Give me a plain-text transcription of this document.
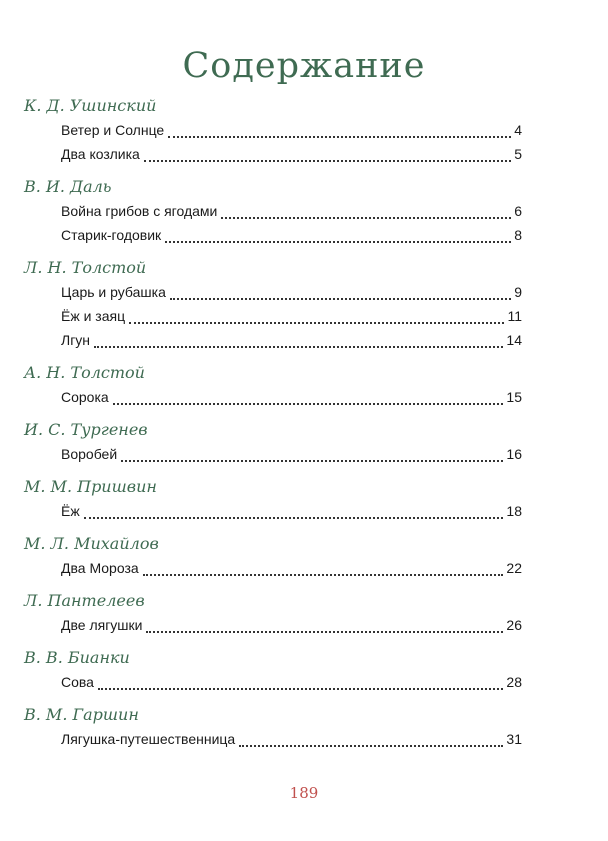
Содержание
К. Д. Ушинский
Ветер и Солнце	4
Два козлика	5
В. И. Даль
Война грибов с ягодами	6
Старик-годовик	8
Л. Н. Толстой
Царь и рубашка	9
Ёж и заяц	11
Лгун	14
А. Н. Толстой
Сорока	15
И. С. Тургенев
Воробей	16
М. М. Пришвин
Ёж	18
М. Л. Михайлов
Два Мороза	22
Л. Пантелеев
Две лягушки	26
В. В. Бианки
Сова	28
В. М. Гаршин
Лягушка-путешественница	31
189
